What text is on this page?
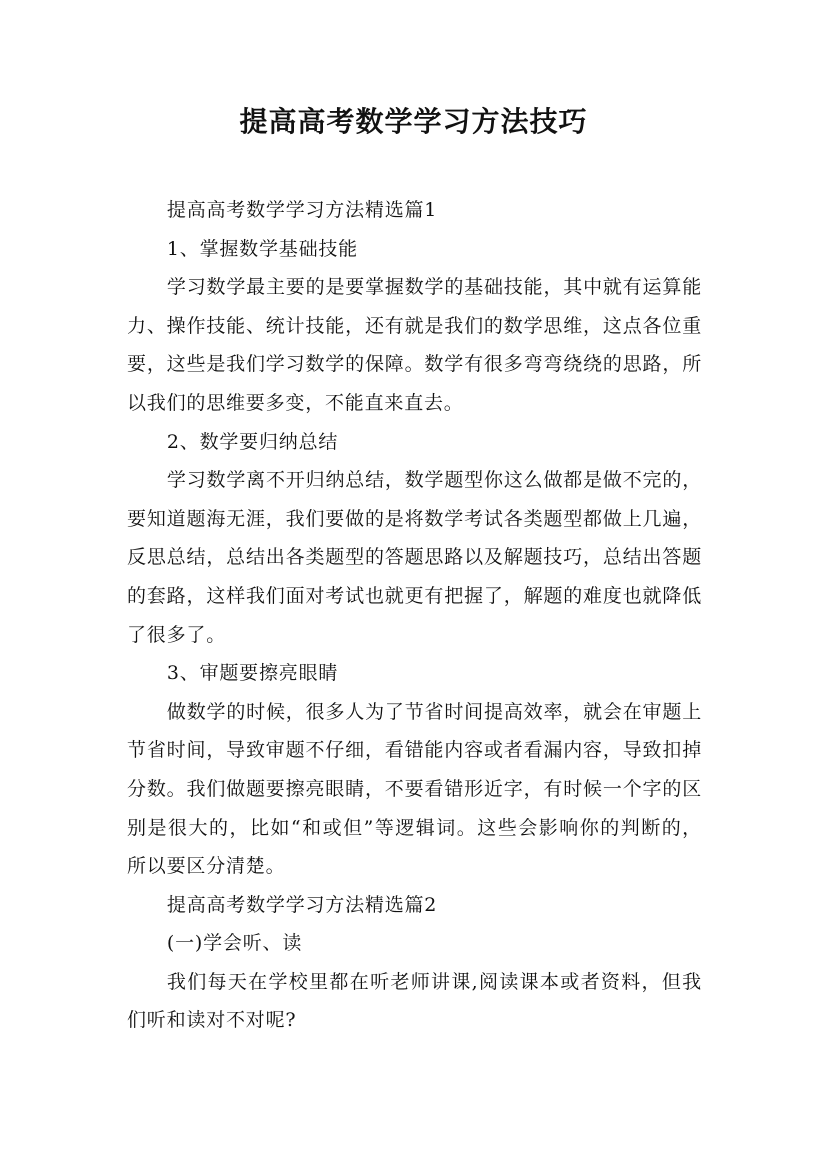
提高高考数学学习方法技巧

提高高考数学学习方法精选篇1

1、掌握数学基础技能

学习数学最主要的是要掌握数学的基础技能，其中就有运算能力、操作技能、统计技能，还有就是我们的数学思维，这点各位重要，这些是我们学习数学的保障。数学有很多弯弯绕绕的思路，所以我们的思维要多变，不能直来直去。

2、数学要归纳总结

学习数学离不开归纳总结，数学题型你这么做都是做不完的，要知道题海无涯，我们要做的是将数学考试各类题型都做上几遍，反思总结，总结出各类题型的答题思路以及解题技巧，总结出答题的套路，这样我们面对考试也就更有把握了，解题的难度也就降低了很多了。

3、审题要擦亮眼睛

做数学的时候，很多人为了节省时间提高效率，就会在审题上节省时间，导致审题不仔细，看错能内容或者看漏内容，导致扣掉分数。我们做题要擦亮眼睛，不要看错形近字，有时候一个字的区别是很大的，比如“和或但”等逻辑词。这些会影响你的判断的，所以要区分清楚。

提高高考数学学习方法精选篇2

(一)学会听、读

我们每天在学校里都在听老师讲课,阅读课本或者资料，但我们听和读对不对呢?
